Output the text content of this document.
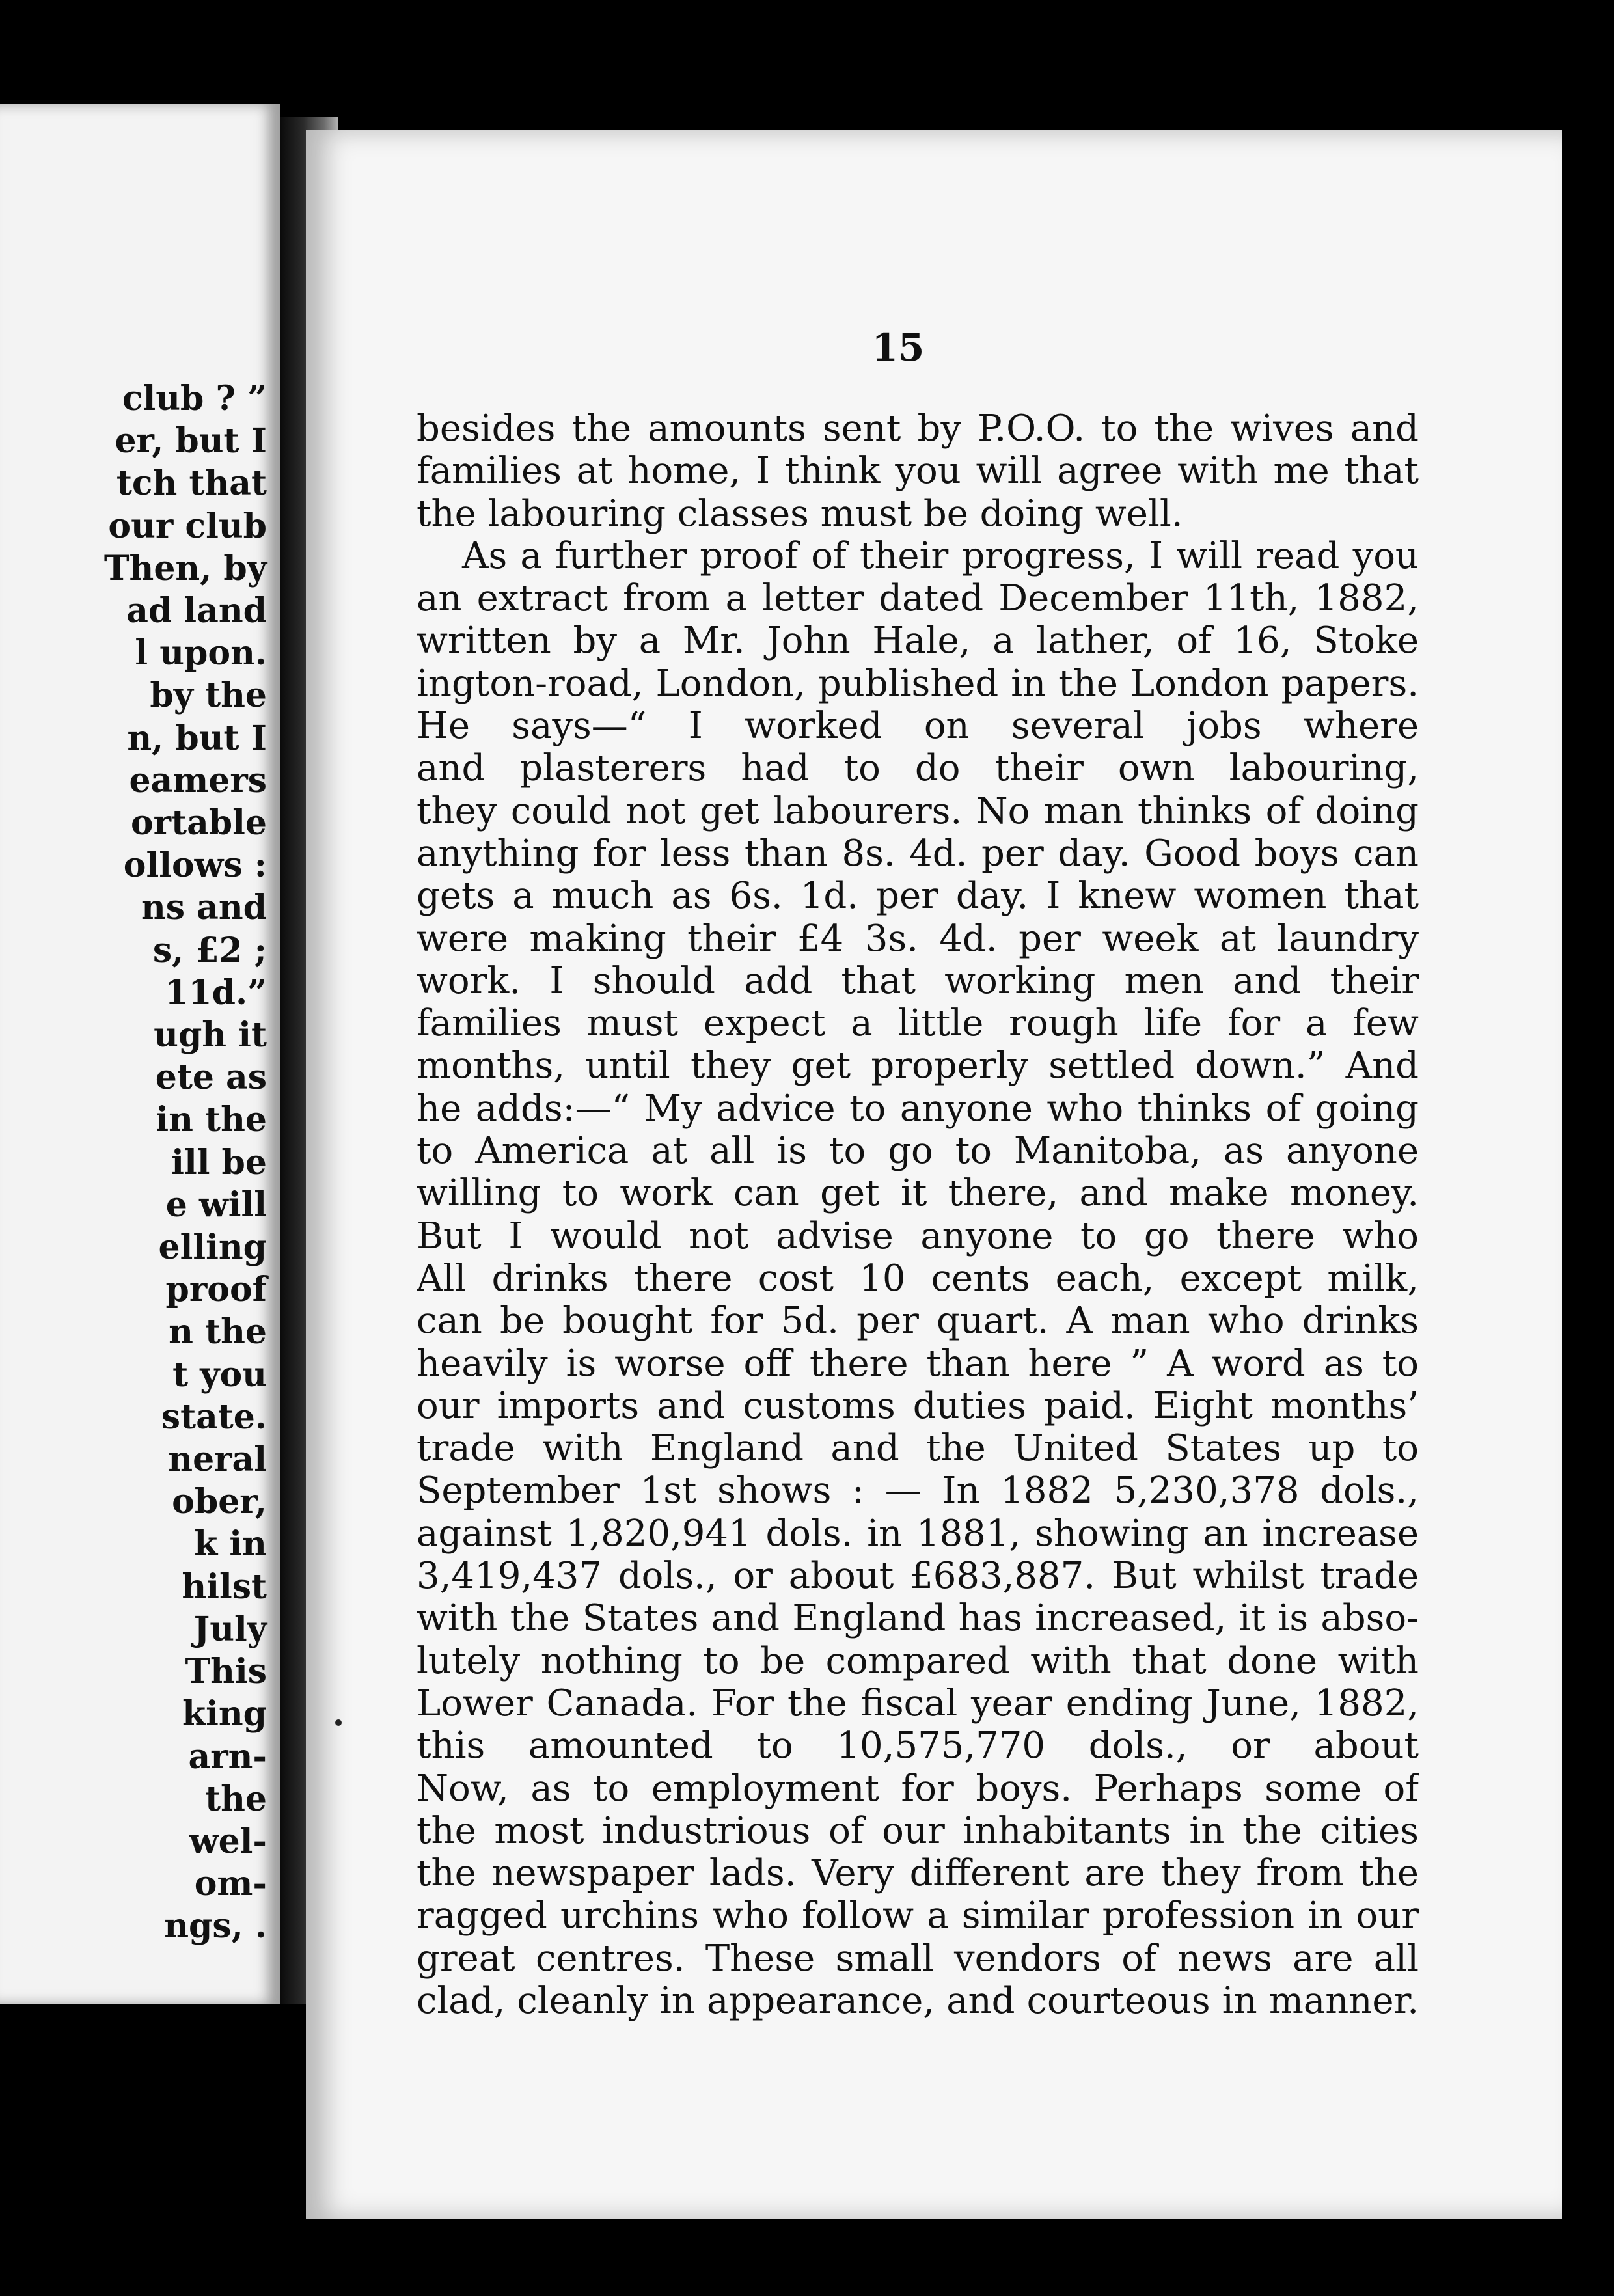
club ? ”
er, but I
tch that
our club
Then, by
ad land
l upon.
by the
n, but I
eamers
ortable
ollows :
ns and
s, £2 ;
11d.”
ugh it
ete as
in the
ill be
e will
elling
proof
n the
t you
state.
neral
ober,
k in
hilst
July
This
king
arn-
the
wel-
om-
ngs, .
15
besides the amounts sent by P.O.O. to the wives and
families at home, I think you will agree with me that
the labouring classes must be doing well.
As a further proof of their progress, I will read you
an extract from a letter dated December 11th, 1882,
written by a Mr. John Hale, a lather, of 16, Stoke
ington-road, London, published in the London papers.
He says—“ I worked on several jobs where
and plasterers had to do their own labouring,
they could not get labourers. No man thinks of doing
anything for less than 8s. 4d. per day. Good boys can
gets a much as 6s. 1d. per day. I knew women that
were making their £4 3s. 4d. per week at laundry
work. I should add that working men and their
families must expect a little rough life for a few
months, until they get properly settled down.” And
he adds:—“ My advice to anyone who thinks of going
to America at all is to go to Manitoba, as anyone
willing to work can get it there, and make money.
But I would not advise anyone to go there who
All drinks there cost 10 cents each, except milk,
can be bought for 5d. per quart. A man who drinks
heavily is worse off there than here ” A word as to
our imports and customs duties paid. Eight months’
trade with England and the United States up to
September 1st shows : — In 1882 5,230,378 dols.,
against 1,820,941 dols. in 1881, showing an increase
3,419,437 dols., or about £683,887. But whilst trade
with the States and England has increased, it is abso-
lutely nothing to be compared with that done with
Lower Canada. For the fiscal year ending June, 1882,
this amounted to 10,575,770 dols., or about
Now, as to employment for boys. Perhaps some of
the most industrious of our inhabitants in the cities
the newspaper lads. Very different are they from the
ragged urchins who follow a similar profession in our
great centres. These small vendors of news are all
clad, cleanly in appearance, and courteous in manner.
